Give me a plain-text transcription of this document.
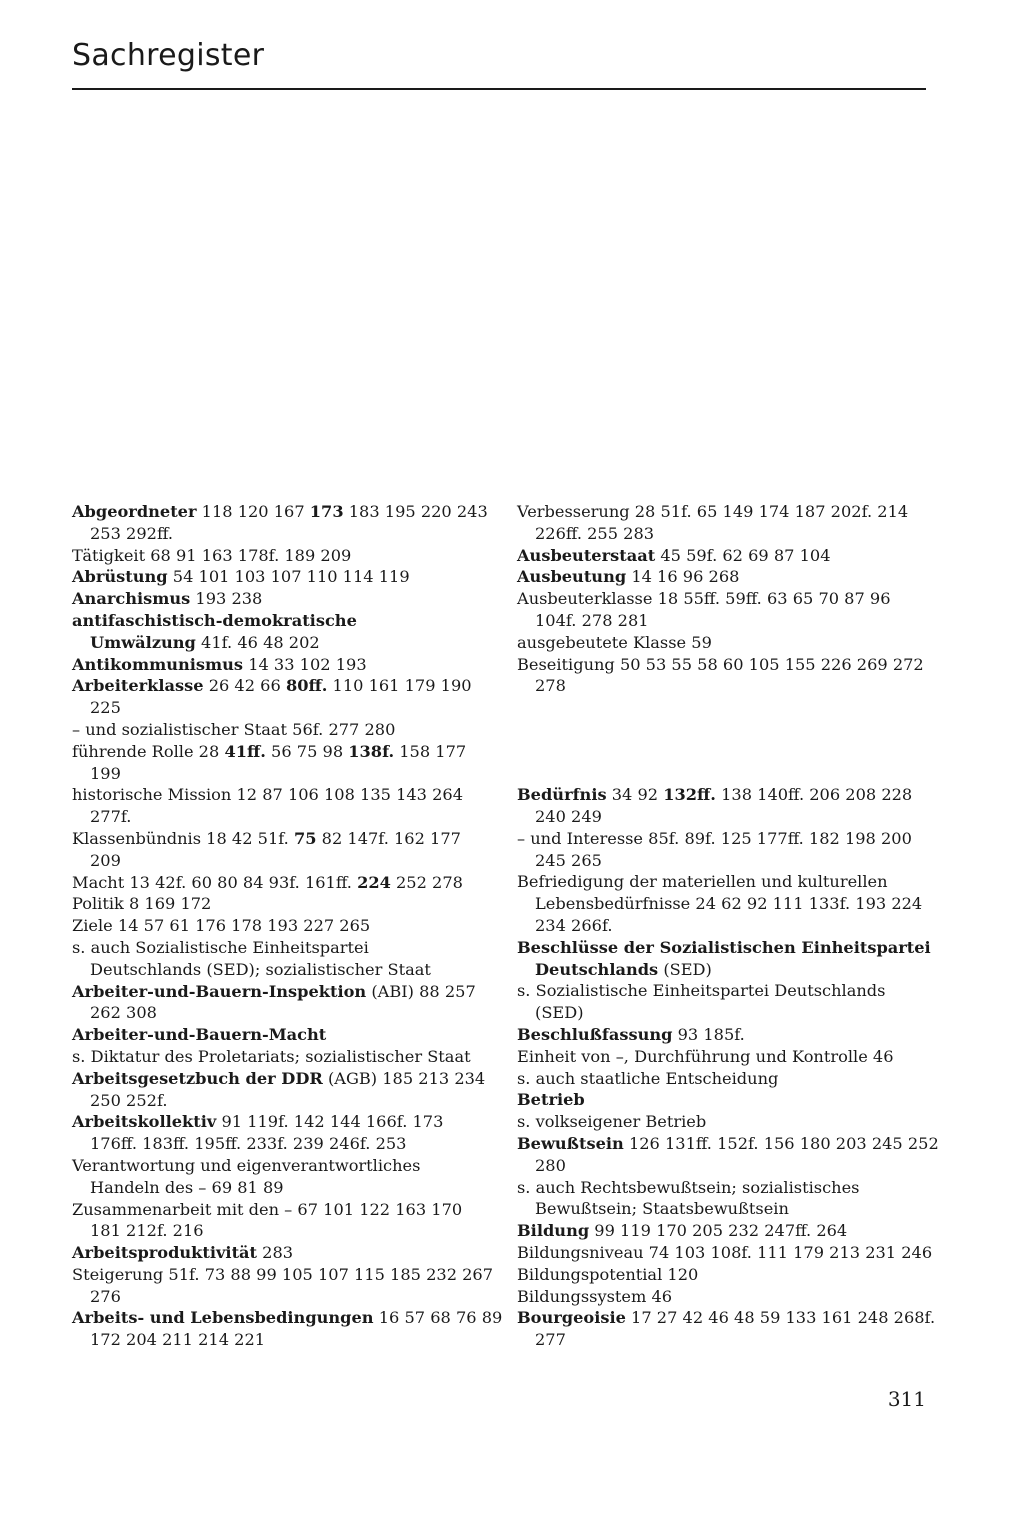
Sachregister
Abgeordneter 118 120 167 173 183 195 220 243
253 292ff.
Tätigkeit 68 91 163 178f. 189 209
Abrüstung 54 101 103 107 110 114 119
Anarchismus 193 238
antifaschistisch-demokratische
Umwälzung 41f. 46 48 202
Antikommunismus 14 33 102 193
Arbeiterklasse 26 42 66 80ff. 110 161 179 190
225
– und sozialistischer Staat 56f. 277 280
führende Rolle 28 41ff. 56 75 98 138f. 158 177
199
historische Mission 12 87 106 108 135 143 264
277f.
Klassenbündnis 18 42 51f. 75 82 147f. 162 177
209
Macht 13 42f. 60 80 84 93f. 161ff. 224 252 278
Politik 8 169 172
Ziele 14 57 61 176 178 193 227 265
s. auch Sozialistische Einheitspartei
Deutschlands (SED); sozialistischer Staat
Arbeiter-und-Bauern-Inspektion (ABI) 88 257
262 308
Arbeiter-und-Bauern-Macht
s. Diktatur des Proletariats; sozialistischer Staat
Arbeitsgesetzbuch der DDR (AGB) 185 213 234
250 252f.
Arbeitskollektiv 91 119f. 142 144 166f. 173
176ff. 183ff. 195ff. 233f. 239 246f. 253
Verantwortung und eigenverantwortliches
Handeln des – 69 81 89
Zusammenarbeit mit den – 67 101 122 163 170
181 212f. 216
Arbeitsproduktivität 283
Steigerung 51f. 73 88 99 105 107 115 185 232 267
276
Arbeits- und Lebensbedingungen 16 57 68 76 89
172 204 211 214 221
Verbesserung 28 51f. 65 149 174 187 202f. 214
226ff. 255 283
Ausbeuterstaat 45 59f. 62 69 87 104
Ausbeutung 14 16 96 268
Ausbeuterklasse 18 55ff. 59ff. 63 65 70 87 96
104f. 278 281
ausgebeutete Klasse 59
Beseitigung 50 53 55 58 60 105 155 226 269 272
278
Bedürfnis 34 92 132ff. 138 140ff. 206 208 228
240 249
– und Interesse 85f. 89f. 125 177ff. 182 198 200
245 265
Befriedigung der materiellen und kulturellen
Lebensbedürfnisse 24 62 92 111 133f. 193 224
234 266f.
Beschlüsse der Sozialistischen Einheitspartei
Deutschlands (SED)
s. Sozialistische Einheitspartei Deutschlands
(SED)
Beschlußfassung 93 185f.
Einheit von –, Durchführung und Kontrolle 46
s. auch staatliche Entscheidung
Betrieb
s. volkseigener Betrieb
Bewußtsein 126 131ff. 152f. 156 180 203 245 252
280
s. auch Rechtsbewußtsein; sozialistisches
Bewußtsein; Staatsbewußtsein
Bildung 99 119 170 205 232 247ff. 264
Bildungsniveau 74 103 108f. 111 179 213 231 246
Bildungspotential 120
Bildungssystem 46
Bourgeoisie 17 27 42 46 48 59 133 161 248 268f.
277
311
